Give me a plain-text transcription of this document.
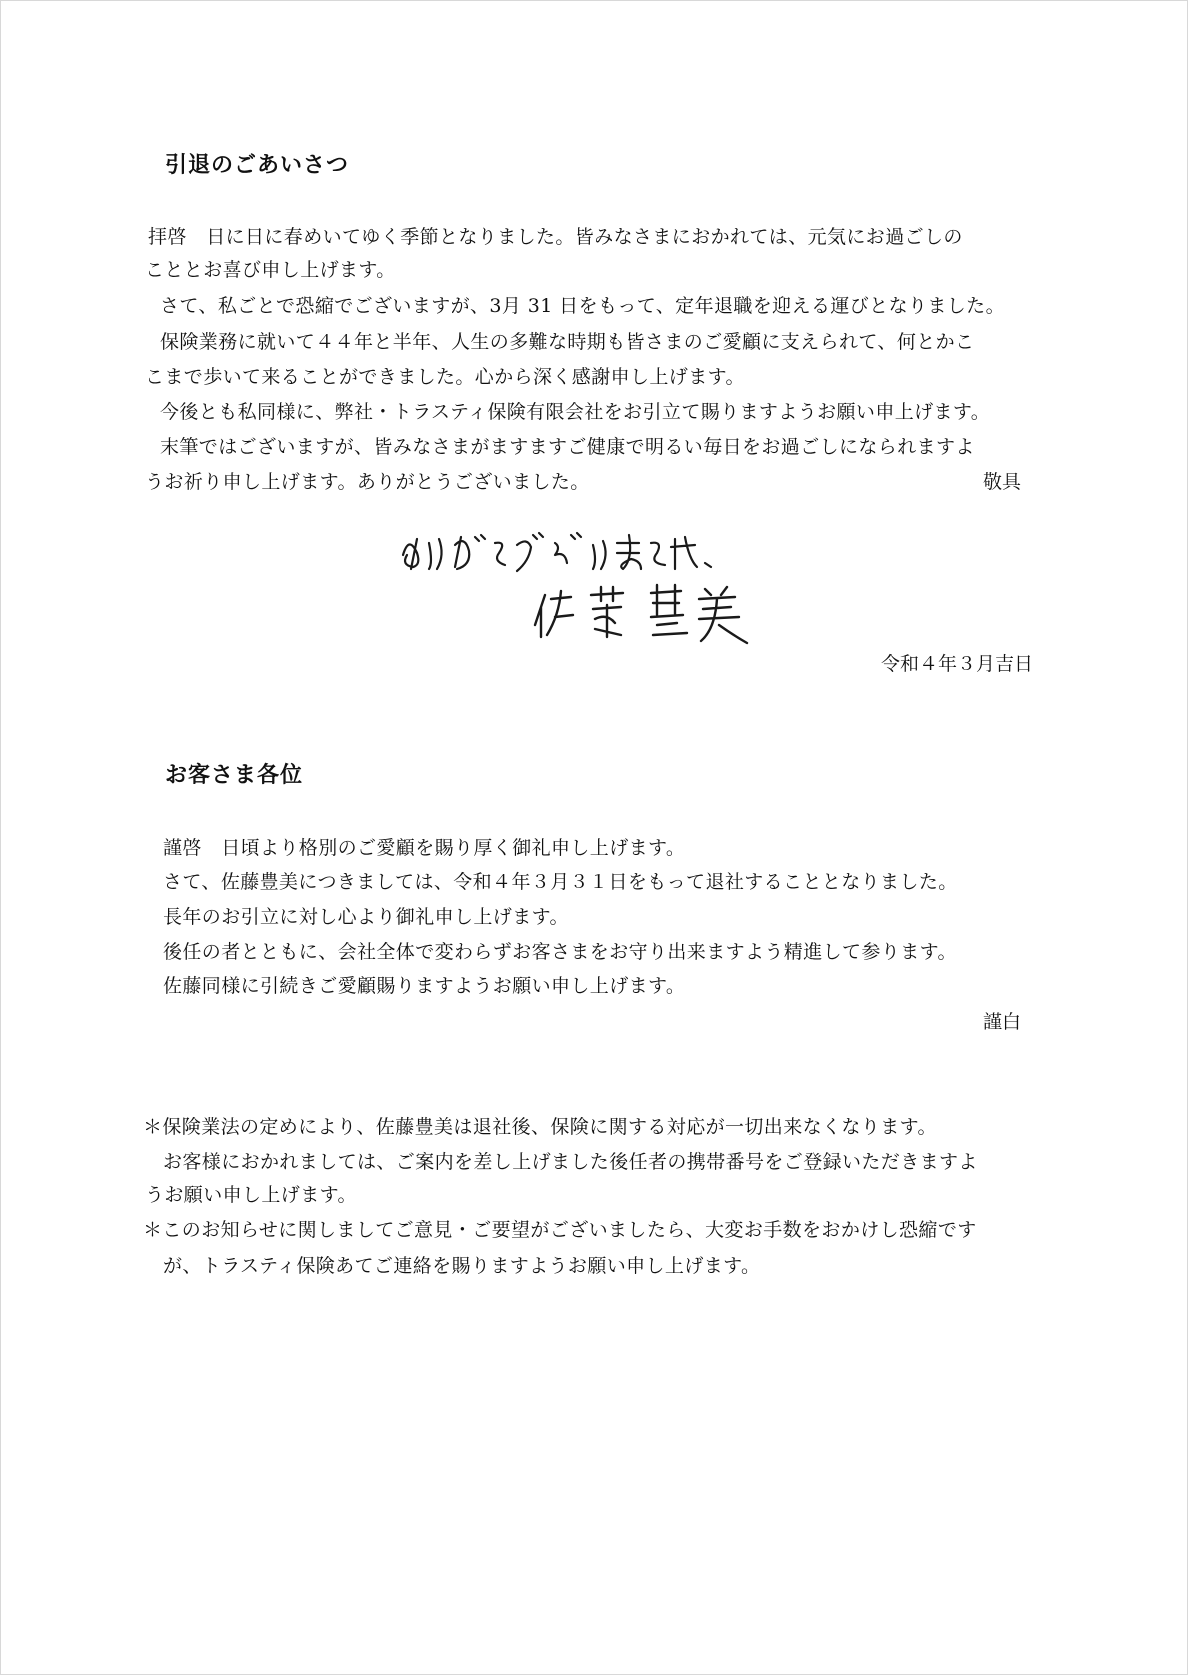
引退のごあいさつ

拝啓　日に日に春めいてゆく季節となりました。皆みなさまにおかれては、元気にお過ごしの

こととお喜び申し上げます。

さて、私ごとで恐縮でございますが、3月 31 日をもって、定年退職を迎える運びとなりました。

保険業務に就いて４４年と半年、人生の多難な時期も皆さまのご愛顧に支えられて、何とかこ

こまで歩いて来ることができました。心から深く感謝申し上げます。

今後とも私同様に、弊社・トラスティ保険有限会社をお引立て賜りますようお願い申上げます。

末筆ではございますが、皆みなさまがますますご健康で明るい毎日をお過ごしになられますよ

うお祈り申し上げます。ありがとうございました。	敬具

令和４年３月吉日

お客さま各位

謹啓　日頃より格別のご愛顧を賜り厚く御礼申し上げます。

さて、佐藤豊美につきましては、令和４年３月３１日をもって退社することとなりました。

長年のお引立に対し心より御礼申し上げます。

後任の者とともに、会社全体で変わらずお客さまをお守り出来ますよう精進して参ります。

佐藤同様に引続きご愛顧賜りますようお願い申し上げます。

謹白

＊保険業法の定めにより、佐藤豊美は退社後、保険に関する対応が一切出来なくなります。

お客様におかれましては、ご案内を差し上げました後任者の携帯番号をご登録いただきますよ

うお願い申し上げます。

＊このお知らせに関しましてご意見・ご要望がございましたら、大変お手数をおかけし恐縮です

が、トラスティ保険あてご連絡を賜りますようお願い申し上げます。
